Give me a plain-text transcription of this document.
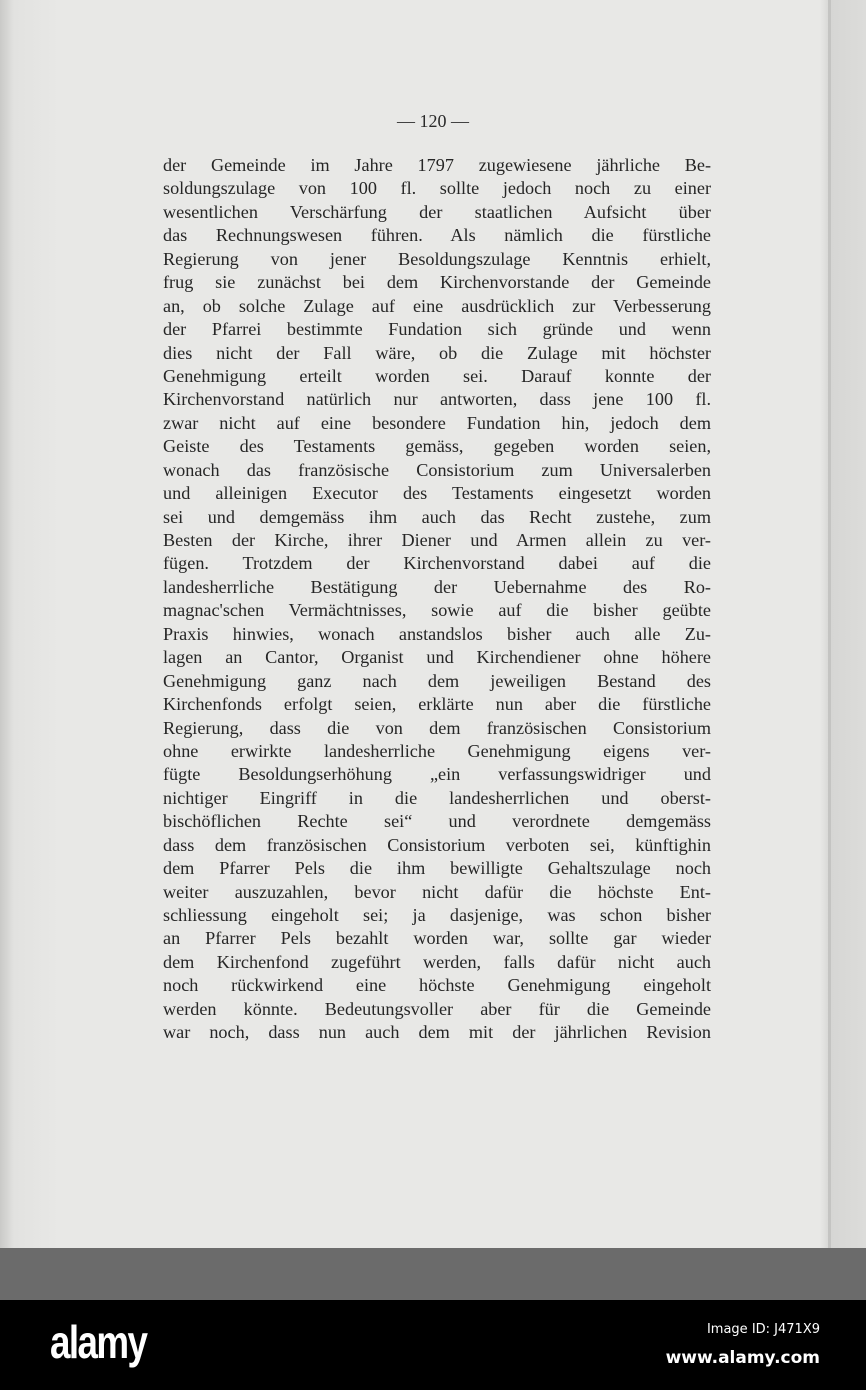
— 120 —
der Gemeinde im Jahre 1797 zugewiesene jährliche Be-
soldungszulage von 100 fl. sollte jedoch noch zu einer
wesentlichen Verschärfung der staatlichen Aufsicht über
das Rechnungswesen führen. Als nämlich die fürstliche
Regierung von jener Besoldungszulage Kenntnis erhielt,
frug sie zunächst bei dem Kirchenvorstande der Gemeinde
an, ob solche Zulage auf eine ausdrücklich zur Verbesserung
der Pfarrei bestimmte Fundation sich gründe und wenn
dies nicht der Fall wäre, ob die Zulage mit höchster
Genehmigung erteilt worden sei. Darauf konnte der
Kirchenvorstand natürlich nur antworten, dass jene 100 fl.
zwar nicht auf eine besondere Fundation hin, jedoch dem
Geiste des Testaments gemäss, gegeben worden seien,
wonach das französische Consistorium zum Universalerben
und alleinigen Executor des Testaments eingesetzt worden
sei und demgemäss ihm auch das Recht zustehe, zum
Besten der Kirche, ihrer Diener und Armen allein zu ver-
fügen. Trotzdem der Kirchenvorstand dabei auf die
landesherrliche Bestätigung der Uebernahme des Ro-
magnac'schen Vermächtnisses, sowie auf die bisher geübte
Praxis hinwies, wonach anstandslos bisher auch alle Zu-
lagen an Cantor, Organist und Kirchendiener ohne höhere
Genehmigung ganz nach dem jeweiligen Bestand des
Kirchenfonds erfolgt seien, erklärte nun aber die fürstliche
Regierung, dass die von dem französischen Consistorium
ohne erwirkte landesherrliche Genehmigung eigens ver-
fügte Besoldungserhöhung „ein verfassungswidriger und
nichtiger Eingriff in die landesherrlichen und oberst-
bischöflichen Rechte sei“ und verordnete demgemäss
dass dem französischen Consistorium verboten sei, künftighin
dem Pfarrer Pels die ihm bewilligte Gehaltszulage noch
weiter auszuzahlen, bevor nicht dafür die höchste Ent-
schliessung eingeholt sei; ja dasjenige, was schon bisher
an Pfarrer Pels bezahlt worden war, sollte gar wieder
dem Kirchenfond zugeführt werden, falls dafür nicht auch
noch rückwirkend eine höchste Genehmigung eingeholt
werden könnte. Bedeutungsvoller aber für die Gemeinde
war noch, dass nun auch dem mit der jährlichen Revision
alamy	Image ID: J471X9
www.alamy.com
